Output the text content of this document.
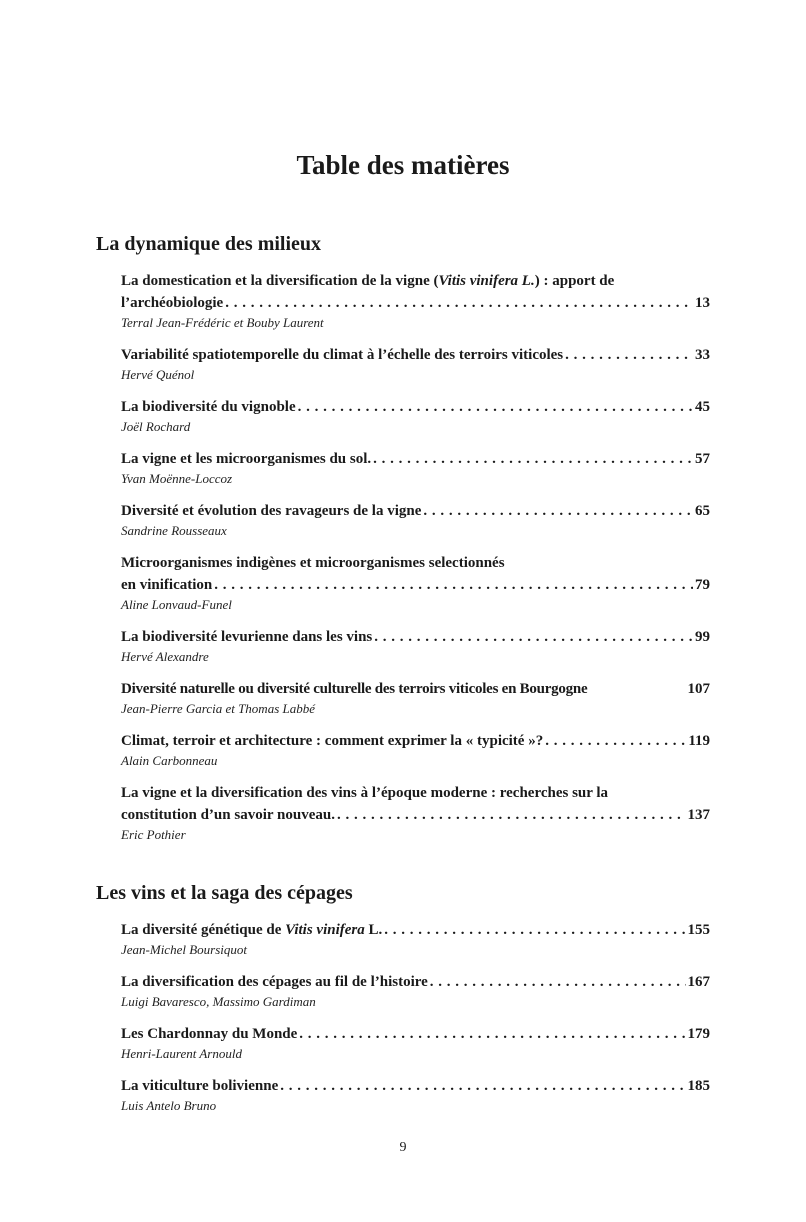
Table des matières
La dynamique des milieux
La domestication et la diversification de la vigne (Vitis vinifera L.) : apport de
l’archéobiologie . . .	13
Terral Jean-Frédéric et Bouby Laurent
Variabilité spatiotemporelle du climat à l’échelle des terroirs viticoles . . .	33
Hervé Quénol
La biodiversité du vignoble . . .	45
Joël Rochard
La vigne et les microorganismes du sol. . . .	57
Yvan Moënne-Loccoz
Diversité et évolution des ravageurs de la vigne . . .	65
Sandrine Rousseaux
Microorganismes indigènes et microorganismes selectionnés
en vinification . . .	79
Aline Lonvaud-Funel
La biodiversité levurienne dans les vins . . .	99
Hervé Alexandre
Diversité naturelle ou diversité culturelle des terroirs viticoles en Bourgogne	107
Jean-Pierre Garcia et Thomas Labbé
Climat, terroir et architecture : comment exprimer la « typicité »? . . .	119
Alain Carbonneau
La vigne et la diversification des vins à l’époque moderne : recherches sur la
constitution d’un savoir nouveau. . . .	137
Eric Pothier
Les vins et la saga des cépages
La diversité génétique de Vitis vinifera L. . . .	155
Jean-Michel Boursiquot
La diversification des cépages au fil de l’histoire . . .	167
Luigi Bavaresco, Massimo Gardiman
Les Chardonnay du Monde . . .	179
Henri-Laurent Arnould
La viticulture bolivienne . . .	185
Luis Antelo Bruno
9
